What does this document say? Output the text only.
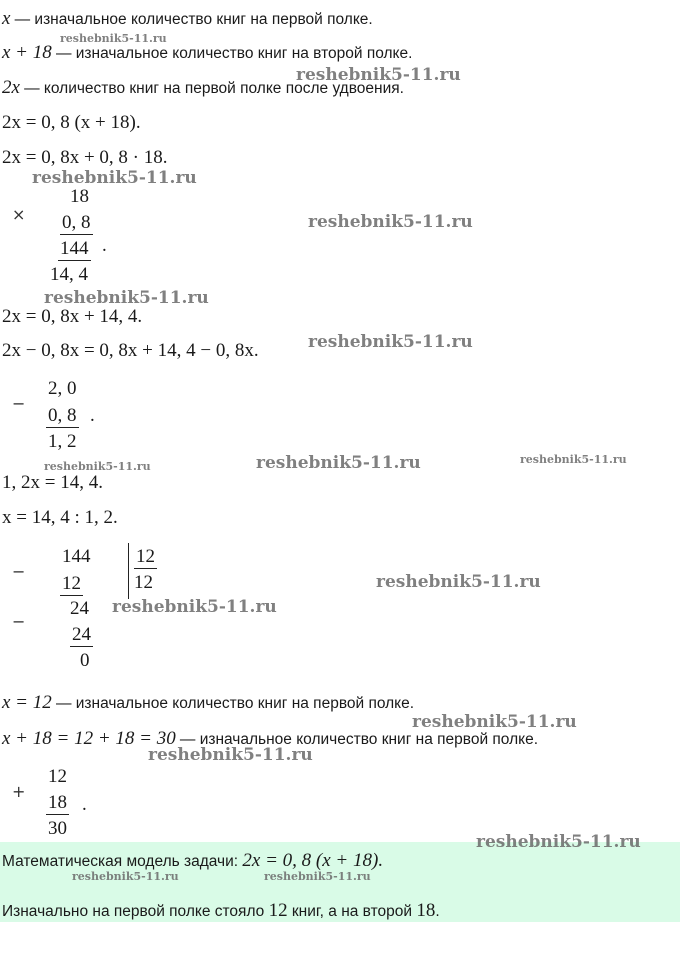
x — изначальное количество книг на первой полке.
x + 18 — изначальное количество книг на второй полке.
2x — количество книг на первой полке после удвоения.
2x = 0, 8 (x + 18).
2x = 0, 8x + 0, 8 · 18.
×
18
0, 8
144 .
14, 4
2x = 0, 8x + 14, 4.
2x − 0, 8x = 0, 8x + 14, 4 − 0, 8x.
−
2, 0
0, 8 .
1, 2
1, 2x = 14, 4.
x = 14, 4 : 1, 2.
−
144
12
−
24
24
0
12
12
x = 12 — изначальное количество книг на первой полке.
x + 18 = 12 + 18 = 30 — изначальное количество книг на первой полке.
+
12
18 .
30
Математическая модель задачи: 2x = 0, 8 (x + 18).
Изначально на первой полке стояло 12 книг, а на второй 18.
reshebnik5-11.ru
reshebnik5-11.ru
reshebnik5-11.ru
reshebnik5-11.ru
reshebnik5-11.ru
reshebnik5-11.ru
reshebnik5-11.ru	reshebnik5-11.ru	reshebnik5-11.ru
reshebnik5-11.ru
reshebnik5-11.ru
reshebnik5-11.ru
reshebnik5-11.ru
reshebnik5-11.ru
reshebnik5-11.ru	reshebnik5-11.ru
